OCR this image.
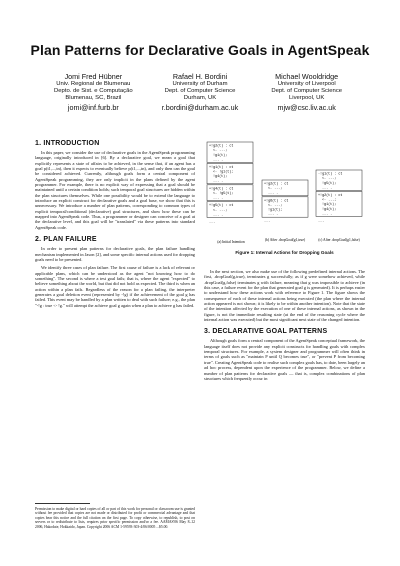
Plan Patterns for Declarative Goals in AgentSpeak
Jomi Fred Hübner
Univ. Regional de Blumenau
Depto. de Sist. e Computação
Blumenau, SC, Brazil
jomi@inf.furb.br
Rafael H. Bordini
University of Durham
Dept. of Computer Science
Durham, UK
r.bordini@durham.ac.uk
Michael Wooldridge
University of Liverpool
Dept. of Computer Science
Liverpool, UK
mjw@csc.liv.ac.uk
1. INTRODUCTION

In this paper, we consider the use of declarative goals in the AgentSpeak programming language, originally introduced in [6]. By a declarative goal, we mean a goal that explicitly represents a state of affairs to be achieved, in the sense that, if an agent has a goal p(t1,...,tn), then it expects to eventually believe p(t1,...,tn), and only then can the goal be considered achieved. Currently, although goals form a central component of AgentSpeak programming, they are only implicit in the plans defined by the agent programmer. For example, there is no explicit way of expressing that a goal should be maintained until a certain condition holds; such temporal goal structures are hidden within the plan structures themselves. While one possibility would be to extend the language to introduce an explicit construct for declarative goals and a goal base, we show that this is unnecessary. We introduce a number of plan patterns, corresponding to common types of explicit temporal/conditional (declarative) goal structures, and show how these can be mapped into AgentSpeak code. Thus, a programmer or designer can conceive of a goal at the declarative level, and this goal will be "translated" via these patterns into standard AgentSpeak code.

2. PLAN FAILURE

In order to present plan patterns for declarative goals, the plan failure handling mechanism implemented in Jason [2], and some specific internal actions used for dropping goals need to be presented.

We identify three cases of plan failure. The first cause of failure is a lack of relevant or applicable plans, which can be understood as the agent "not knowing how to do something". The second is where a test goal fails; that is, where the agent "expected" to believe something about the world, but that did not hold as expected. The third is when an action within a plan fails. Regardless of the reason for a plan failing, the interpreter generates a goal deletion event (represented by -!g) if the achievement of the goal g has failed. This event may be handled by a plan written to deal with such failure; e.g., the plan "-!g : true <- !g." will attempt the achieve goal g again when a plan to achieve g has failed.

Permission to make digital or hard copies of all or part of this work for personal or classroom use is granted without fee provided that copies are not made or distributed for profit or commercial advantage and that copies bear this notice and the full citation on the first page. To copy otherwise, to republish, to post on servers or to redistribute to lists, requires prior specific permission and/or a fee. AAMAS'06 May 8–12 2006, Hakodate, Hokkaido, Japan. Copyright 2006 ACM 1-59593-303-4/06/0005 ...$5.00.
+!g2(t) : ct
<- ...;
!g1(t);
... .
+!g1(t) : ct
<- !g1(t);
!g4(t);
... .
+!g4(t) : ct
<- !g5(t);
... .
+!g5(t) : ct
<- ...;
... .
...
+!g2(t) : ct
<- ...;
... .
+!g6(t) : ct
<- ...;
!g1(t);
... .
...
-!g1(t) : ct
<- ...;
!g5(t);
... .
+!g2(t) : ct
<- ...;
!g1(t);
!g4(t);
... .
...
(a) Initial Intention	(b) After .dropGoal(g1,true)	(c) After .dropGoal(g1,false)
Figure 1: Internal Actions for Dropping Goals

In the next section, we also make use of the following predefined internal actions. The first, .dropGoal(g,true), terminates g successfully; as if g were somehow achieved, while .dropGoal(g,false) terminates g with failure, meaning that g was impossible to achieve (in this case, a failure event for the plan that generated goal g is generated). It is perhaps easier to understand how these actions work with reference to Figure 1. The figure shows the consequence of each of these internal actions being executed (the plan where the internal action appeared is not shown; it is likely to be within another intention). Note that the state of the intention affected by the execution of one of these internal actions, as shown in the figure, is not the immediate resulting state (at the end of the reasoning cycle where the internal action was executed) but the most significant next state of the changed intention.

3. DECLARATIVE GOAL PATTERNS

Although goals form a central component of the AgentSpeak conceptual framework, the language itself does not provide any explicit constructs for handling goals with complex temporal structures. For example, a system designer and programmer will often think in terms of goals such as "maintain P until Q becomes true", or "prevent P from becoming true". Creating AgentSpeak code to realise such complex goals has, to date, been largely an ad hoc process, dependent upon the experience of the programmer. Below, we define a number of plan patterns for declarative goals — that is, complex combinations of plan structures which frequently occur in
